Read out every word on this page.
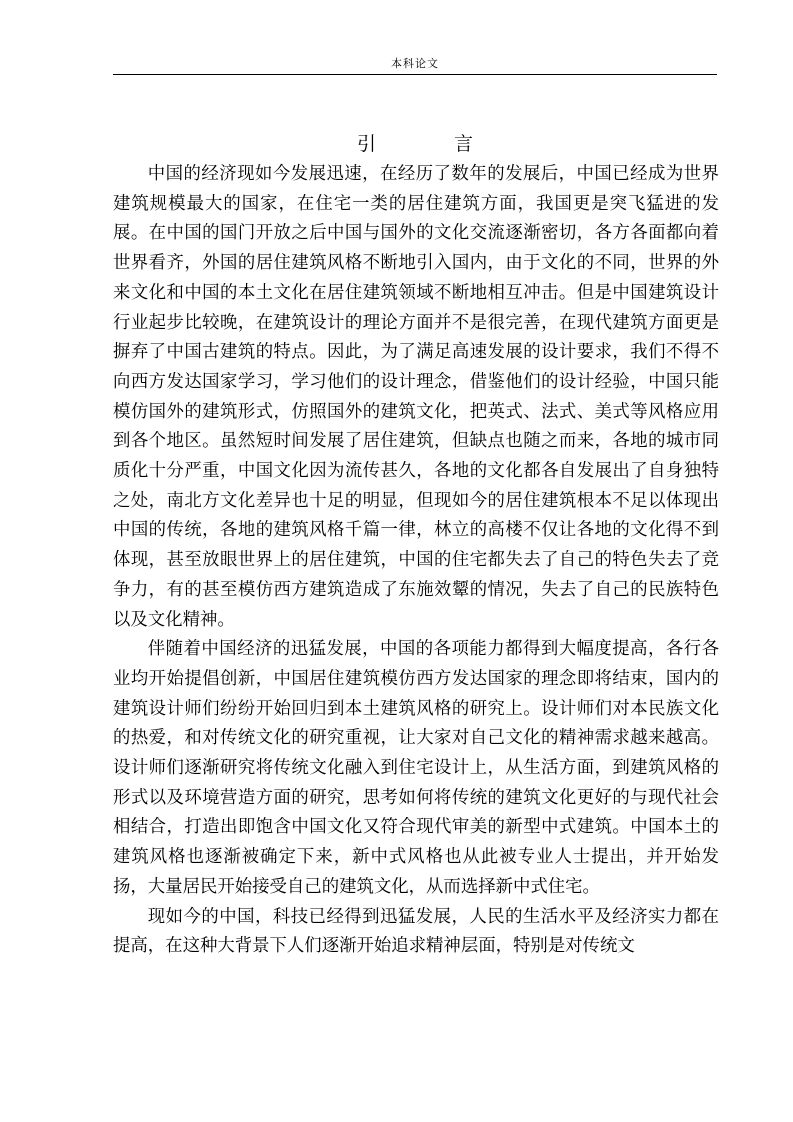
本科论文
引 言

中国的经济现如今发展迅速，在经历了数年的发展后，中国已经成为世界建筑规模最大的国家，在住宅一类的居住建筑方面，我国更是突飞猛进的发展。在中国的国门开放之后中国与国外的文化交流逐渐密切，各方各面都向着世界看齐，外国的居住建筑风格不断地引入国内，由于文化的不同，世界的外来文化和中国的本土文化在居住建筑领域不断地相互冲击。但是中国建筑设计行业起步比较晚，在建筑设计的理论方面并不是很完善，在现代建筑方面更是摒弃了中国古建筑的特点。因此，为了满足高速发展的设计要求，我们不得不向西方发达国家学习，学习他们的设计理念，借鉴他们的设计经验，中国只能模仿国外的建筑形式，仿照国外的建筑文化，把英式、法式、美式等风格应用到各个地区。虽然短时间发展了居住建筑，但缺点也随之而来，各地的城市同质化十分严重，中国文化因为流传甚久，各地的文化都各自发展出了自身独特之处，南北方文化差异也十足的明显，但现如今的居住建筑根本不足以体现出中国的传统，各地的建筑风格千篇一律，林立的高楼不仅让各地的文化得不到体现，甚至放眼世界上的居住建筑，中国的住宅都失去了自己的特色失去了竞争力，有的甚至模仿西方建筑造成了东施效颦的情况，失去了自己的民族特色以及文化精神。

伴随着中国经济的迅猛发展，中国的各项能力都得到大幅度提高，各行各业均开始提倡创新，中国居住建筑模仿西方发达国家的理念即将结束，国内的建筑设计师们纷纷开始回归到本土建筑风格的研究上。设计师们对本民族文化的热爱，和对传统文化的研究重视，让大家对自己文化的精神需求越来越高。设计师们逐渐研究将传统文化融入到住宅设计上，从生活方面，到建筑风格的形式以及环境营造方面的研究，思考如何将传统的建筑文化更好的与现代社会相结合，打造出即饱含中国文化又符合现代审美的新型中式建筑。中国本土的建筑风格也逐渐被确定下来，新中式风格也从此被专业人士提出，并开始发扬，大量居民开始接受自己的建筑文化，从而选择新中式住宅。

现如今的中国，科技已经得到迅猛发展，人民的生活水平及经济实力都在提高，在这种大背景下人们逐渐开始追求精神层面，特别是对传统文
